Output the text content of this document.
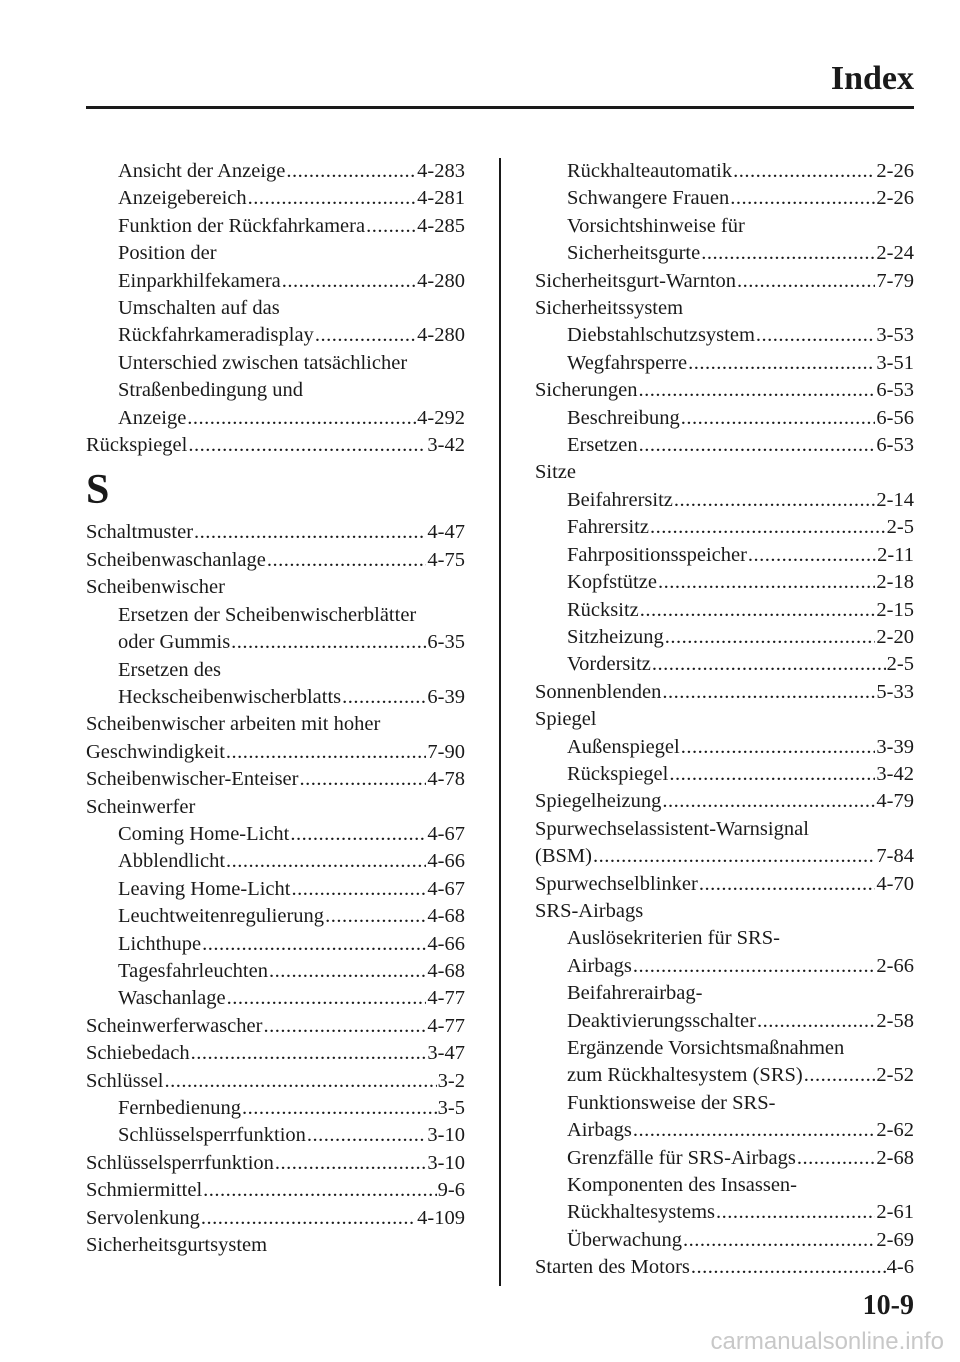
Index
Ansicht der Anzeige .....	4-283
Anzeigebereich .....	4-281
Funktion der Rückfahrkamera .....	4-285
Position der
Einparkhilfekamera .....	4-280
Umschalten auf das
Rückfahrkameradisplay .....	4-280
Unterschied zwischen tatsächlicher
Straßenbedingung und
Anzeige .....	4-292
Rückspiegel .....	3-42
S
Schaltmuster .....	4-47
Scheibenwaschanlage .....	4-75
Scheibenwischer
Ersetzen der Scheibenwischerblätter
oder Gummis .....	6-35
Ersetzen des
Heckscheibenwischerblatts .....	6-39
Scheibenwischer arbeiten mit hoher
Geschwindigkeit .....	7-90
Scheibenwischer-Enteiser .....	4-78
Scheinwerfer
Coming Home-Licht .....	4-67
Abblendlicht .....	4-66
Leaving Home-Licht .....	4-67
Leuchtweitenregulierung .....	4-68
Lichthupe .....	4-66
Tagesfahrleuchten .....	4-68
Waschanlage .....	4-77
Scheinwerferwascher .....	4-77
Schiebedach .....	3-47
Schlüssel .....	3-2
Fernbedienung .....	3-5
Schlüsselsperrfunktion .....	3-10
Schlüsselsperrfunktion .....	3-10
Schmiermittel .....	9-6
Servolenkung .....	4-109
Sicherheitsgurtsystem
Rückhalteautomatik .....	2-26
Schwangere Frauen .....	2-26
Vorsichtshinweise für
Sicherheitsgurte .....	2-24
Sicherheitsgurt-Warnton .....	7-79
Sicherheitssystem
Diebstahlschutzsystem .....	3-53
Wegfahrsperre .....	3-51
Sicherungen .....	6-53
Beschreibung .....	6-56
Ersetzen .....	6-53
Sitze
Beifahrersitz .....	2-14
Fahrersitz .....	2-5
Fahrpositionsspeicher .....	2-11
Kopfstütze .....	2-18
Rücksitz .....	2-15
Sitzheizung .....	2-20
Vordersitz .....	2-5
Sonnenblenden .....	5-33
Spiegel
Außenspiegel .....	3-39
Rückspiegel .....	3-42
Spiegelheizung .....	4-79
Spurwechselassistent-Warnsignal
(BSM) .....	7-84
Spurwechselblinker .....	4-70
SRS-Airbags
Auslösekriterien für SRS-
Airbags .....	2-66
Beifahrerairbag-
Deaktivierungsschalter .....	2-58
Ergänzende Vorsichtsmaßnahmen
zum Rückhaltesystem (SRS) .....	2-52
Funktionsweise der SRS-
Airbags .....	2-62
Grenzfälle für SRS-Airbags .....	2-68
Komponenten des Insassen-
Rückhaltesystems .....	2-61
Überwachung .....	2-69
Starten des Motors .....	4-6
10-9
carmanualsonline.info
